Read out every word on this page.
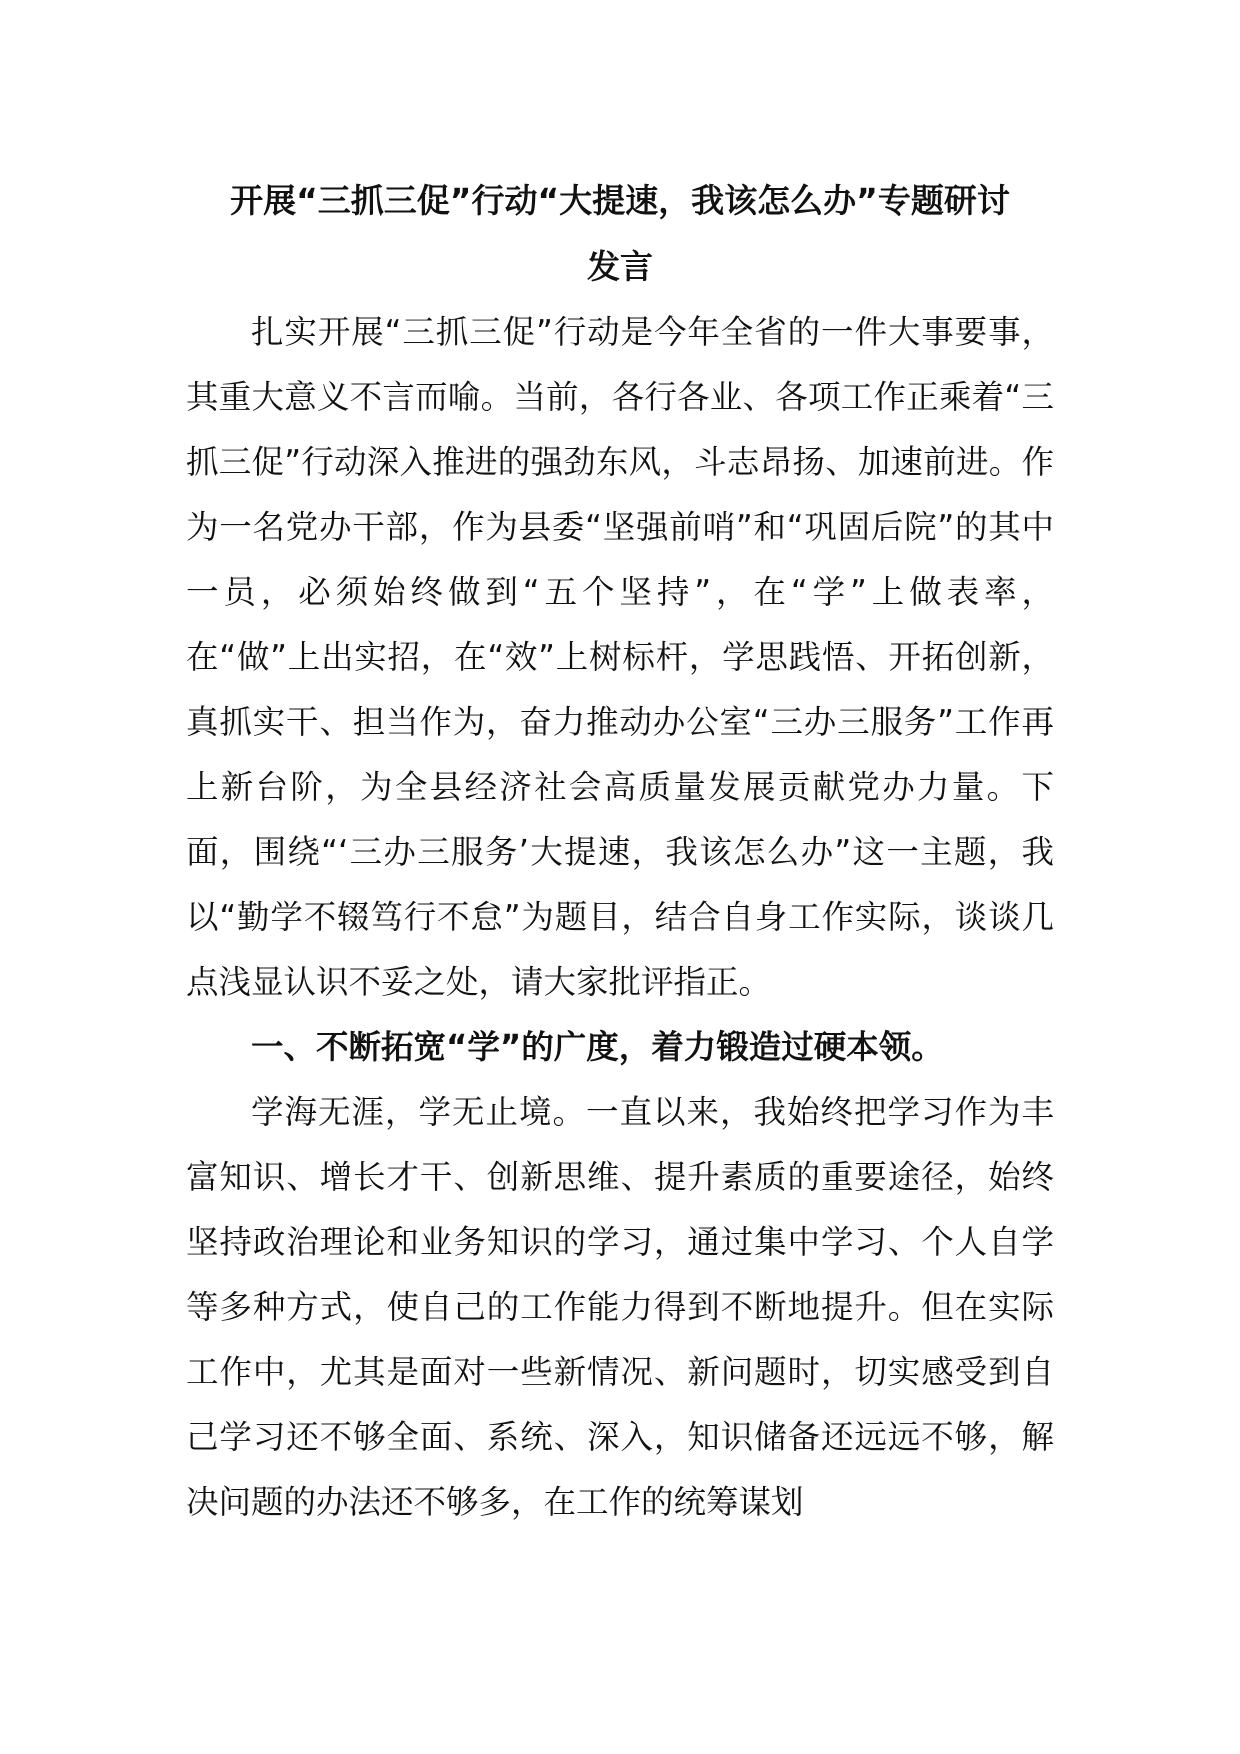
开展“三抓三促”行动“大提速，我该怎么办”专题研讨
发言

扎实开展“三抓三促”行动是今年全省的一件大事要事，其重大意义不言而喻。当前，各行各业、各项工作正乘着“三抓三促”行动深入推进的强劲东风，斗志昂扬、加速前进。作为一名党办干部，作为县委“坚强前哨”和“巩固后院”的其中一员，必须始终做到“五个坚持”，在“学”上做表率，在“做”上出实招，在“效”上树标杆，学思践悟、开拓创新，真抓实干、担当作为，奋力推动办公室“三办三服务”工作再上新台阶，为全县经济社会高质量发展贡献党办力量。下面，围绕“‘三办三服务’大提速，我该怎么办”这一主题，我以“勤学不辍笃行不怠”为题目，结合自身工作实际，谈谈几点浅显认识不妥之处，请大家批评指正。

一、不断拓宽“学”的广度，着力锻造过硬本领。

学海无涯，学无止境。一直以来，我始终把学习作为丰富知识、增长才干、创新思维、提升素质的重要途径，始终坚持政治理论和业务知识的学习，通过集中学习、个人自学等多种方式，使自己的工作能力得到不断地提升。但在实际工作中，尤其是面对一些新情况、新问题时，切实感受到自己学习还不够全面、系统、深入，知识储备还远远不够，解决问题的办法还不够多，在工作的统筹谋划
